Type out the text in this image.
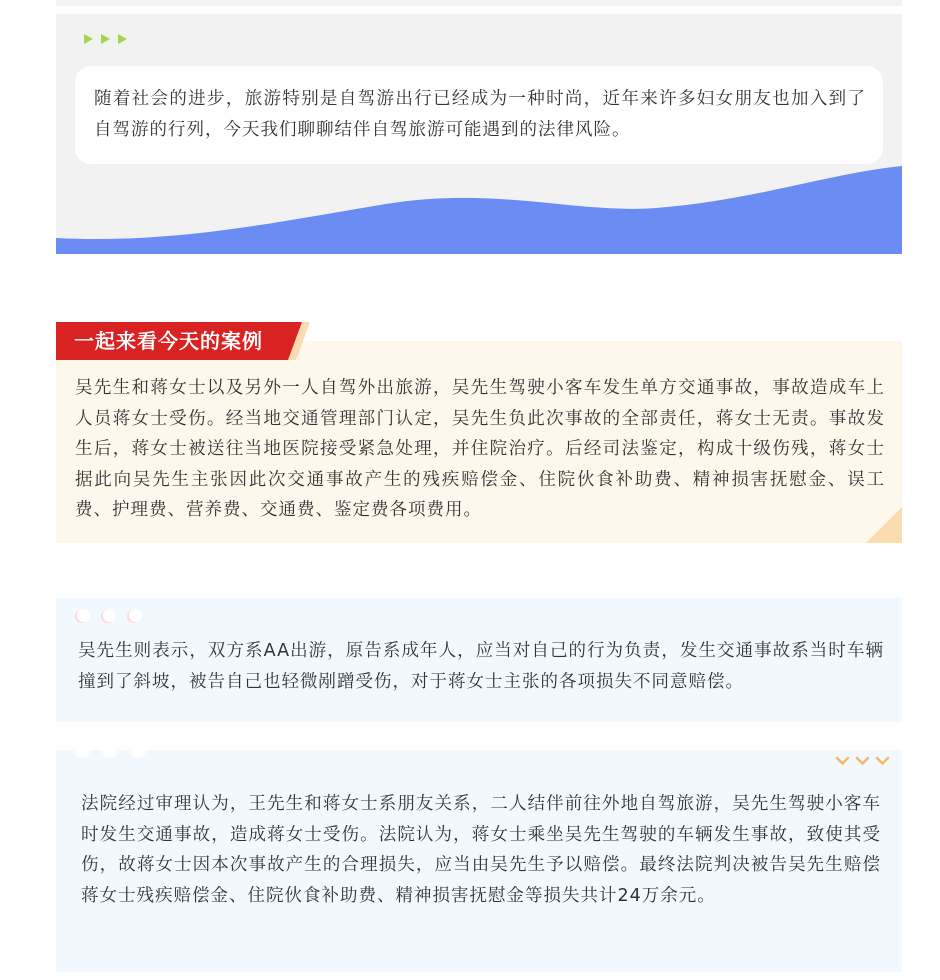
随着社会的进步，旅游特别是自驾游出行已经成为一种时尚，近年来许多妇女朋友也加入到了自驾游的行列，今天我们聊聊结伴自驾旅游可能遇到的法律风险。

吴先生和蒋女士以及另外一人自驾外出旅游，吴先生驾驶小客车发生单方交通事故，事故造成车上人员蒋女士受伤。经当地交通管理部门认定，吴先生负此次事故的全部责任，蒋女士无责。事故发生后，蒋女士被送往当地医院接受紧急处理，并住院治疗。后经司法鉴定，构成十级伤残，蒋女士据此向吴先生主张因此次交通事故产生的残疾赔偿金、住院伙食补助费、精神损害抚慰金、误工费、护理费、营养费、交通费、鉴定费各项费用。

一起来看今天的案例

吴先生则表示，双方系AA出游，原告系成年人，应当对自己的行为负责，发生交通事故系当时车辆撞到了斜坡，被告自己也轻微剐蹭受伤，对于蒋女士主张的各项损失不同意赔偿。

法院经过审理认为，王先生和蒋女士系朋友关系，二人结伴前往外地自驾旅游，吴先生驾驶小客车时发生交通事故，造成蒋女士受伤。法院认为，蒋女士乘坐吴先生驾驶的车辆发生事故，致使其受伤，故蒋女士因本次事故产生的合理损失，应当由吴先生予以赔偿。最终法院判决被告吴先生赔偿蒋女士残疾赔偿金、住院伙食补助费、精神损害抚慰金等损失共计24万余元。
